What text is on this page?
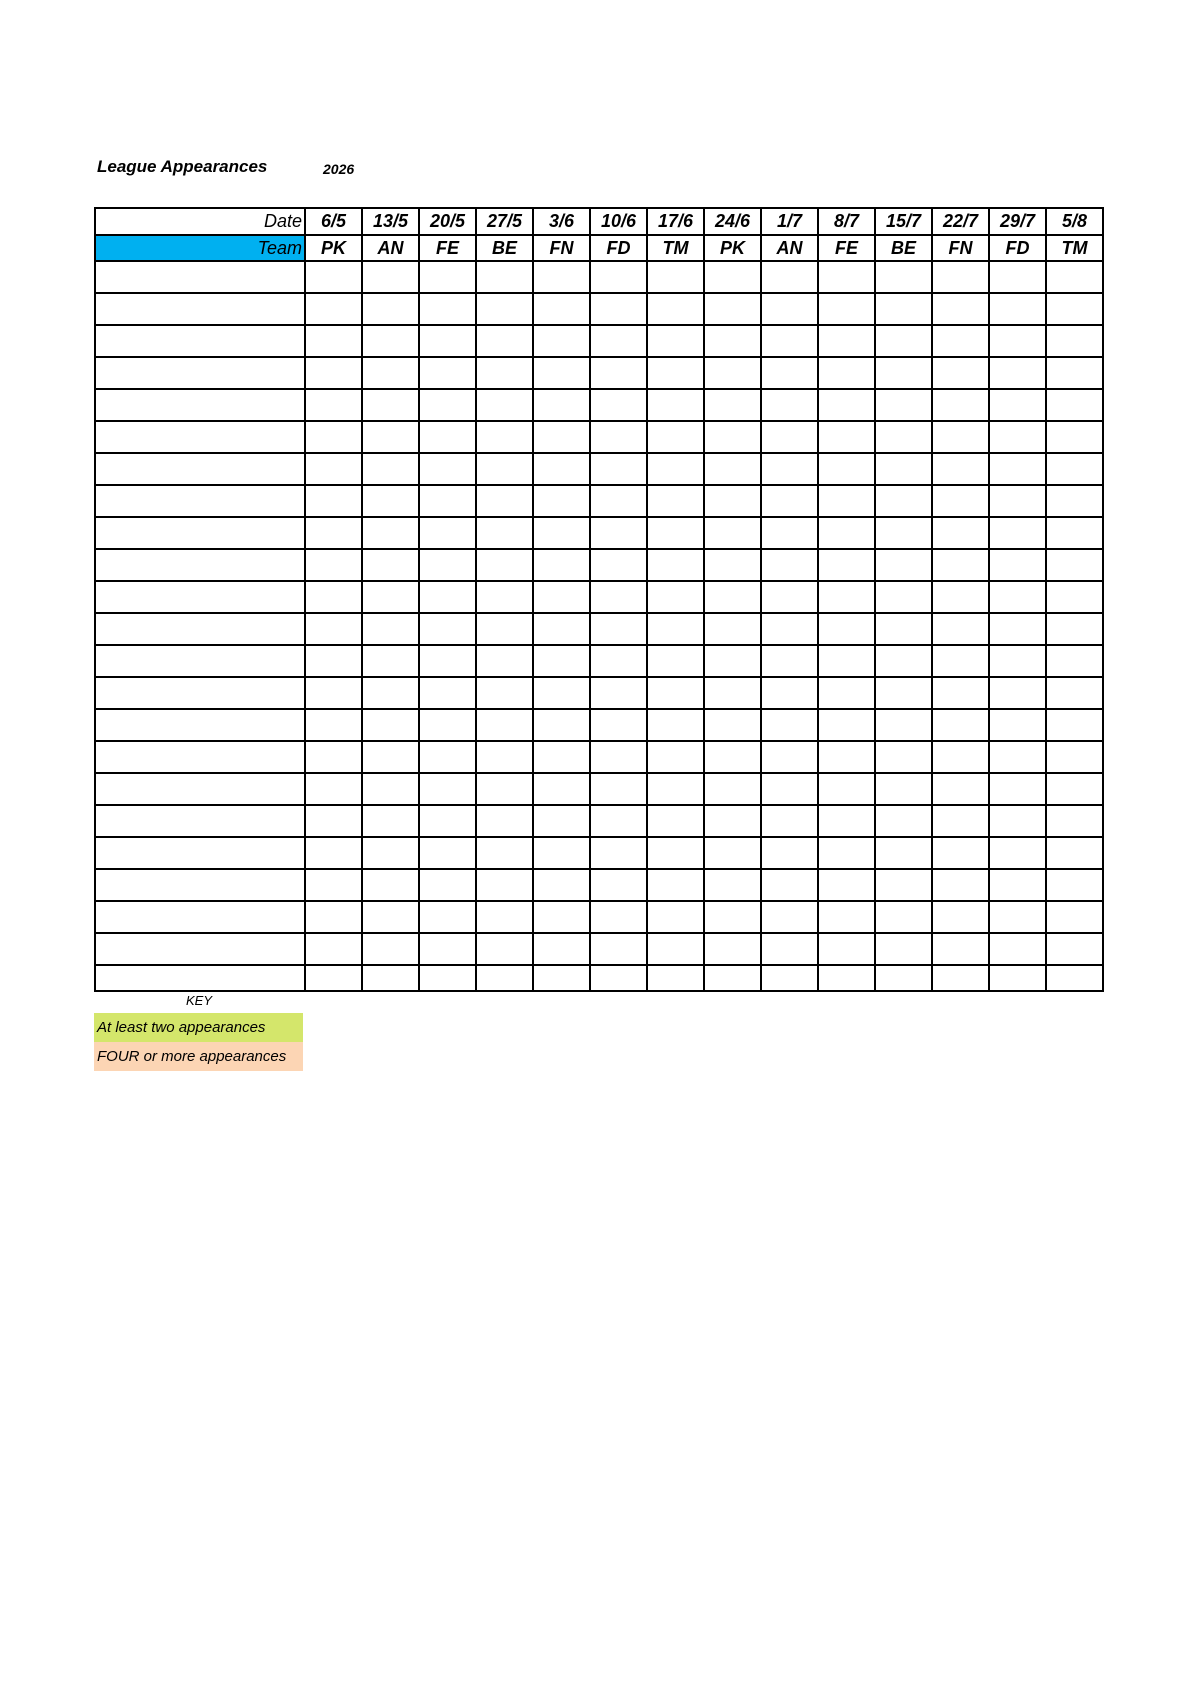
League Appearances	2026
Date	6/5	13/5	20/5	27/5	3/6	10/6	17/6	24/6	1/7	8/7	15/7	22/7	29/7	5/8
Team	PK	AN	FE	BE	FN	FD	TM	PK	AN	FE	BE	FN	FD	TM

KEY
At least two appearances
FOUR or more appearances
